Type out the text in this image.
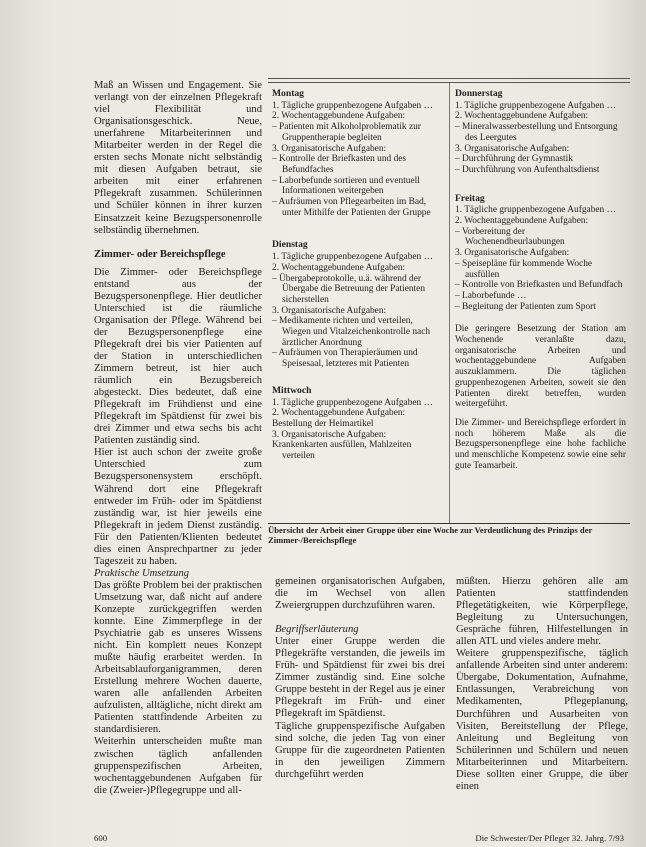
Maß an Wissen und Engagement. Sie verlangt von der einzelnen Pflegekraft viel Flexibilität und Organisationsgeschick. Neue, unerfahrene Mitarbeiterinnen und Mitarbeiter werden in der Regel die ersten sechs Monate nicht selbständig mit diesen Aufgaben betraut, sie arbeiten mit einer erfahrenen Pflegekraft zusammen. Schülerinnen und Schüler können in ihrer kurzen Einsatzzeit keine Bezugspersonenrolle selbständig übernehmen.

Zimmer- oder Bereichspflege

Die Zimmer- oder Bereichspflege entstand aus der Bezugspersonenpflege. Hier deutlicher Unterschied ist die räumliche Organisation der Pflege. Während bei der Bezugspersonenpflege eine Pflegekraft drei bis vier Patienten auf der Station in unterschiedlichen Zimmern betreut, ist hier auch räumlich ein Bezugsbereich abgesteckt. Dies bedeutet, daß eine Pflegekraft im Frühdienst und eine Pflegekraft im Spätdienst für zwei bis drei Zimmer und etwa sechs bis acht Patienten zuständig sind.

Hier ist auch schon der zweite große Unterschied zum Bezugspersonensystem erschöpft. Während dort eine Pflegekraft entweder im Früh- oder im Spätdienst zuständig war, ist hier jeweils eine Pflegekraft in jedem Dienst zuständig. Für den Patienten/Klienten bedeutet dies einen Ansprechpartner zu jeder Tageszeit zu haben.

Praktische Umsetzung

Das größte Problem bei der praktischen Umsetzung war, daß nicht auf andere Konzepte zurückgegriffen werden konnte. Eine Zimmerpflege in der Psychiatrie gab es unseres Wissens nicht. Ein komplett neues Konzept mußte häufig erarbeitet werden. In Arbeitsablauforganigrammen, deren Erstellung mehrere Wochen dauerte, waren alle anfallenden Arbeiten aufzulisten, alltägliche, nicht direkt am Patienten stattfindende Arbeiten zu standardisieren.

Weiterhin unterscheiden mußte man zwischen täglich anfallenden gruppenspezifischen Arbeiten, wochentaggebundenen Aufgaben für die (Zweier-)Pflegegruppe und all-

Montag
1. Tägliche gruppenbezogene Aufgaben …
2. Wochentaggebundene Aufgaben:
– Patienten mit Alkoholproblematik zur Gruppentherapie begleiten
3. Organisatorische Aufgaben:
– Kontrolle der Briefkasten und des Befundfaches
– Laborbefunde sortieren und eventuell Informationen weitergeben
– Aufräumen von Pflegearbeiten im Bad, unter Mithilfe der Patienten der Gruppe
Dienstag
1. Tägliche gruppenbezogene Aufgaben …
2. Wochentaggebundene Aufgaben:
– Übergabeprotokolle, u.ä. während der Übergabe die Betreuung der Patienten sicherstellen
3. Organisatorische Aufgaben:
– Medikamente richten und verteilen, Wiegen und Vitalzeichenkontrolle nach ärztlicher Anordnung
– Aufräumen von Therapieräumen und Speisesaal, letzteres mit Patienten
Mittwoch
1. Tägliche gruppenbezogene Aufgaben …
2. Wochentaggebundene Aufgaben:
Bestellung der Heimartikel
3. Organisatorische Aufgaben:
Krankenkarten ausfüllen, Mahlzeiten verteilen
Donnerstag
1. Tägliche gruppenbezogene Aufgaben …
2. Wochentaggebundene Aufgaben:
– Mineralwasserbestellung und Entsorgung des Leergutes
3. Organisatorische Aufgaben:
– Durchführung der Gymnastik
– Durchführung von Aufenthaltsdienst
Freitag
1. Tägliche gruppenbezogene Aufgaben …
2. Wochentaggebundene Aufgaben:
– Vorbereitung der Wochenendbeurlaubungen
3. Organisatorische Aufgaben:
– Speisepläne für kommende Woche ausfüllen
– Kontrolle von Briefkasten und Befundfach
– Laborbefunde …
– Begleitung der Patienten zum Sport

Die geringere Besetzung der Station am Wochenende veranlaßte dazu, organisatorische Arbeiten und wochentaggebundene Aufgaben auszuklammern. Die täglichen gruppenbezogenen Arbeiten, soweit sie den Patienten direkt betreffen, wurden weitergeführt.

Die Zimmer- und Bereichspflege erfordert in noch höherem Maße als die Bezugspersonenpflege eine hohe fachliche und menschliche Kompetenz sowie eine sehr gute Teamarbeit.

Übersicht der Arbeit einer Gruppe über eine Woche zur Verdeutlichung des Prinzips der Zimmer-/Bereichspflege

gemeinen organisatorischen Aufgaben, die im Wechsel von allen Zweiergruppen durchzuführen waren.

Begriffserläuterung

Unter einer Gruppe werden die Pflegekräfte verstanden, die jeweils im Früh- und Spätdienst für zwei bis drei Zimmer zuständig sind. Eine solche Gruppe besteht in der Regel aus je einer Pflegekraft im Früh- und einer Pflegekraft im Spätdienst.

Tägliche gruppenspezifische Aufgaben sind solche, die jeden Tag von einer Gruppe für die zugeordneten Patienten in den jeweiligen Zimmern durchgeführt werden

müßten. Hierzu gehören alle am Patienten stattfindenden Pflegetätigkeiten, wie Körperpflege, Begleitung zu Untersuchungen, Gespräche führen, Hilfestellungen in allen ATL und vieles andere mehr.

Weitere gruppenspezifische, täglich anfallende Arbeiten sind unter anderem: Übergabe, Dokumentation, Aufnahme, Entlassungen, Verabreichung von Medikamenten, Pflegeplanung, Durchführen und Ausarbeiten von Visiten, Bereitstellung der Pflege, Anleitung und Begleitung von Schülerinnen und Schülern und neuen Mitarbeiterinnen und Mitarbeitern. Diese sollten einer Gruppe, die über einen

600	Die Schwester/Der Pfleger 32. Jahrg. 7/93
